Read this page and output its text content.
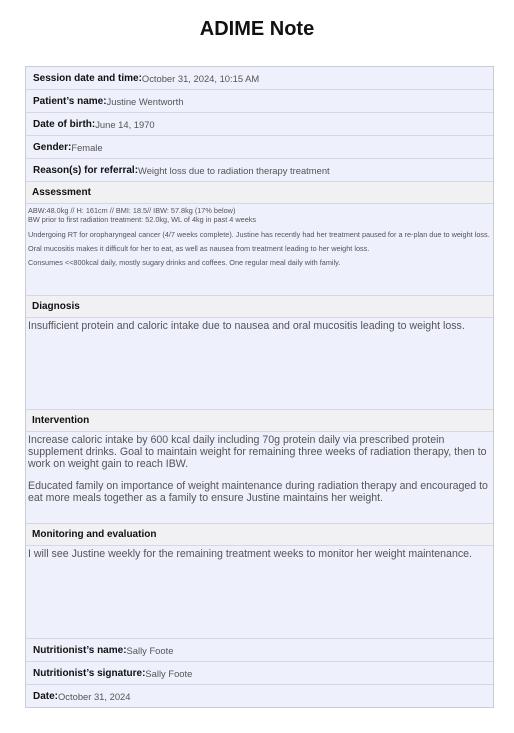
ADIME Note
Session date and time: October 31, 2024, 10:15 AM
Patient’s name: Justine Wentworth
Date of birth: June 14, 1970
Gender: Female
Reason(s) for referral: Weight loss due to radiation therapy treatment
Assessment

ABW:48.0kg // H: 161cm // BMI: 18.5// IBW: 57.8kg (17% below)
BW prior to first radiation treatment: 52.0kg, WL of 4kg in past 4 weeks

Undergoing RT for oropharyngeal cancer (4/7 weeks complete). Justine has recently had her treatment paused for a re-plan due to weight loss.

Oral mucositis makes it difficult for her to eat, as well as nausea from treatment leading to her weight loss.

Consumes <<800kcal daily, mostly sugary drinks and coffees. One regular meal daily with family.

Diagnosis

Insufficient protein and caloric intake due to nausea and oral mucositis leading to weight loss.

Intervention

Increase caloric intake by 600 kcal daily including 70g protein daily via prescribed protein supplement drinks. Goal to maintain weight for remaining three weeks of radiation therapy, then to work on weight gain to reach IBW.

Educated family on importance of weight maintenance during radiation therapy and encouraged to eat more meals together as a family to ensure Justine maintains her weight.

Monitoring and evaluation

I will see Justine weekly for the remaining treatment weeks to monitor her weight maintenance.

Nutritionist’s name: Sally Foote
Nutritionist’s signature: Sally Foote
Date: October 31, 2024
